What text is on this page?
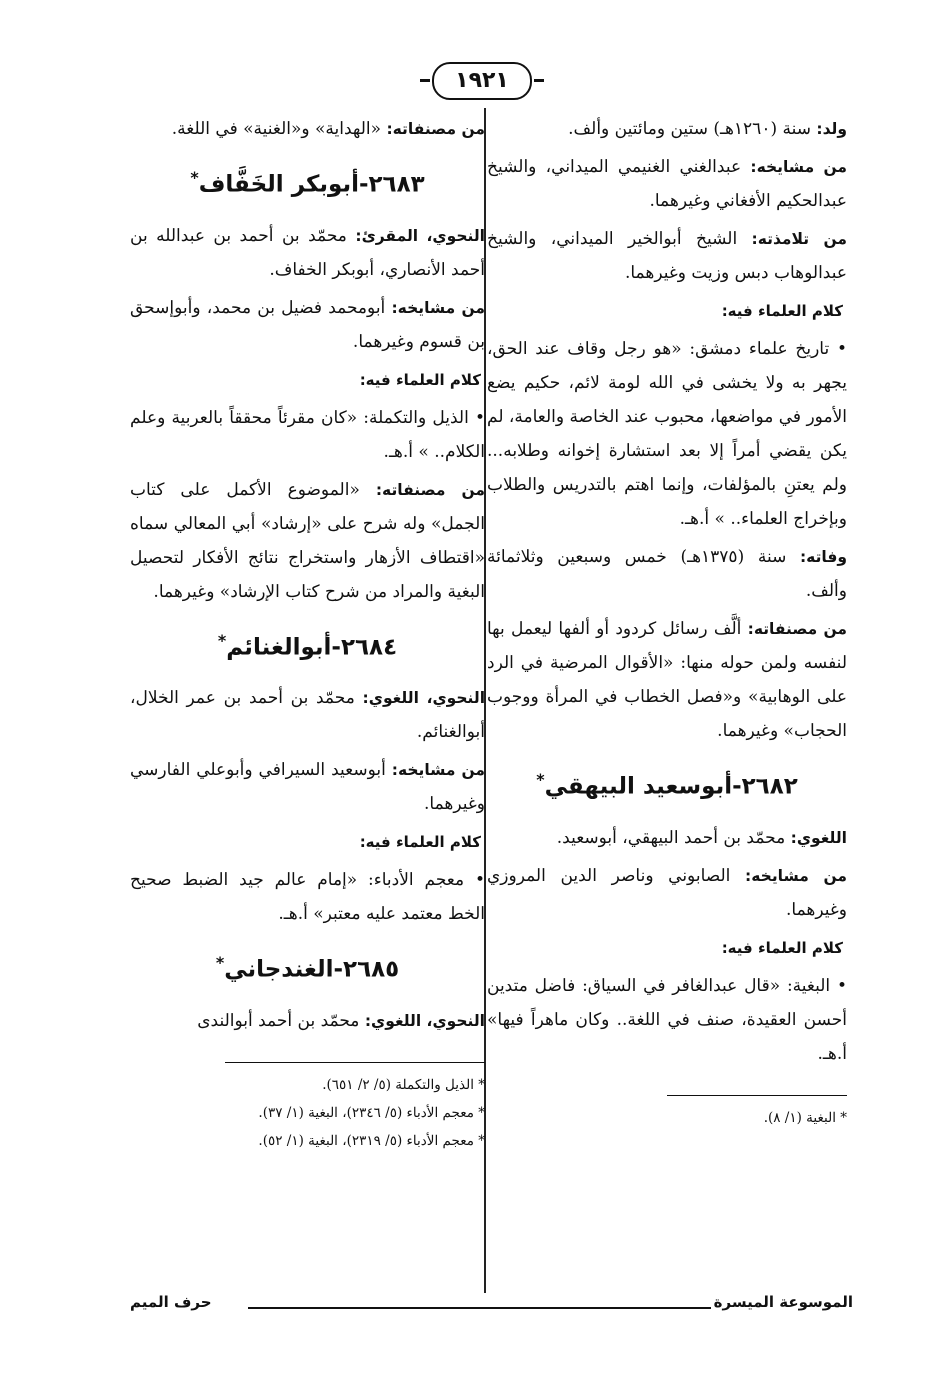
١٩٢١

ولد: سنة (١٢٦٠هـ) ستين ومائتين وألف.

من مشايخه: عبدالغني الغنيمي الميداني، والشيخ عبدالحكيم الأفغاني وغيرهما.

من تلامذته: الشيخ أبوالخير الميداني، والشيخ عبدالوهاب دبس وزيت وغيرهما.

كلام العلماء فيه:

• تاريخ علماء دمشق: «هو رجل وقاف عند الحق، يجهر به ولا يخشى في الله لومة لائم، حكيم يضع الأمور في مواضعها، محبوب عند الخاصة والعامة، لم يكن يقضي أمراً إلا بعد استشارة إخوانه وطلابه... ولم يعتنِ بالمؤلفات، وإنما اهتم بالتدريس والطلاب وبإخراج العلماء.. » أ.هـ.

وفاته: سنة (١٣٧٥هـ) خمس وسبعين وثلاثمائة وألف.

من مصنفاته: ألَّف رسائل كردود أو ألفها ليعمل بها لنفسه ولمن حوله منها: «الأقوال المرضية في الرد على الوهابية» و«فصل الخطاب في المرأة ووجوب الحجاب» وغيرهما.

٢٦٨٢-أبوسعيد البيهقي*

اللغوي: محمّد بن أحمد البيهقي، أبوسعيد.

من مشايخه: الصابوني وناصر الدين المروزي وغيرهما.

كلام العلماء فيه:

• البغية: «قال عبدالغافر في السياق: فاضل متدين أحسن العقيدة، صنف في اللغة.. وكان ماهراً فيها» أ.هـ.

* البغية (١/ ٨).

من مصنفاته: «الهداية» و«الغنية» في اللغة.

٢٦٨٣-أبوبكر الخَفَّاف*

النحوي، المقرئ: محمّد بن أحمد بن عبدالله بن أحمد الأنصاري، أبوبكر الخفاف.

من مشايخه: أبومحمد فضيل بن محمد، وأبوإسحق بن قسوم وغيرهما.

كلام العلماء فيه:

• الذيل والتكملة: «كان مقرئاً محققاً بالعربية وعلم الكلام.. » أ.هـ.

من مصنفاته: «الموضوع الأكمل على كتاب الجمل» وله شرح على «إرشاد» أبي المعالي سماه «اقتطاف الأزهار واستخراج نتائج الأفكار لتحصيل البغية والمراد من شرح كتاب الإرشاد» وغيرهما.

٢٦٨٤-أبوالغنائم*

النحوي، اللغوي: محمّد بن أحمد بن عمر الخلال، أبوالغنائم.

من مشايخه: أبوسعيد السيرافي وأبوعلي الفارسي وغيرهما.

كلام العلماء فيه:

• معجم الأدباء: «إمام عالم جيد الضبط صحيح الخط معتمد عليه معتبر» أ.هـ.

٢٦٨٥-الغندجاني*

النحوي، اللغوي: محمّد بن أحمد أبوالندى

* الذيل والتكملة (٥/ ٢/ ٦٥١).
* معجم الأدباء (٥/ ٢٣٤٦)، البغية (١/ ٣٧).
* معجم الأدباء (٥/ ٢٣١٩)، البغية (١/ ٥٢).
الموسوعة الميسرة
حرف الميم
